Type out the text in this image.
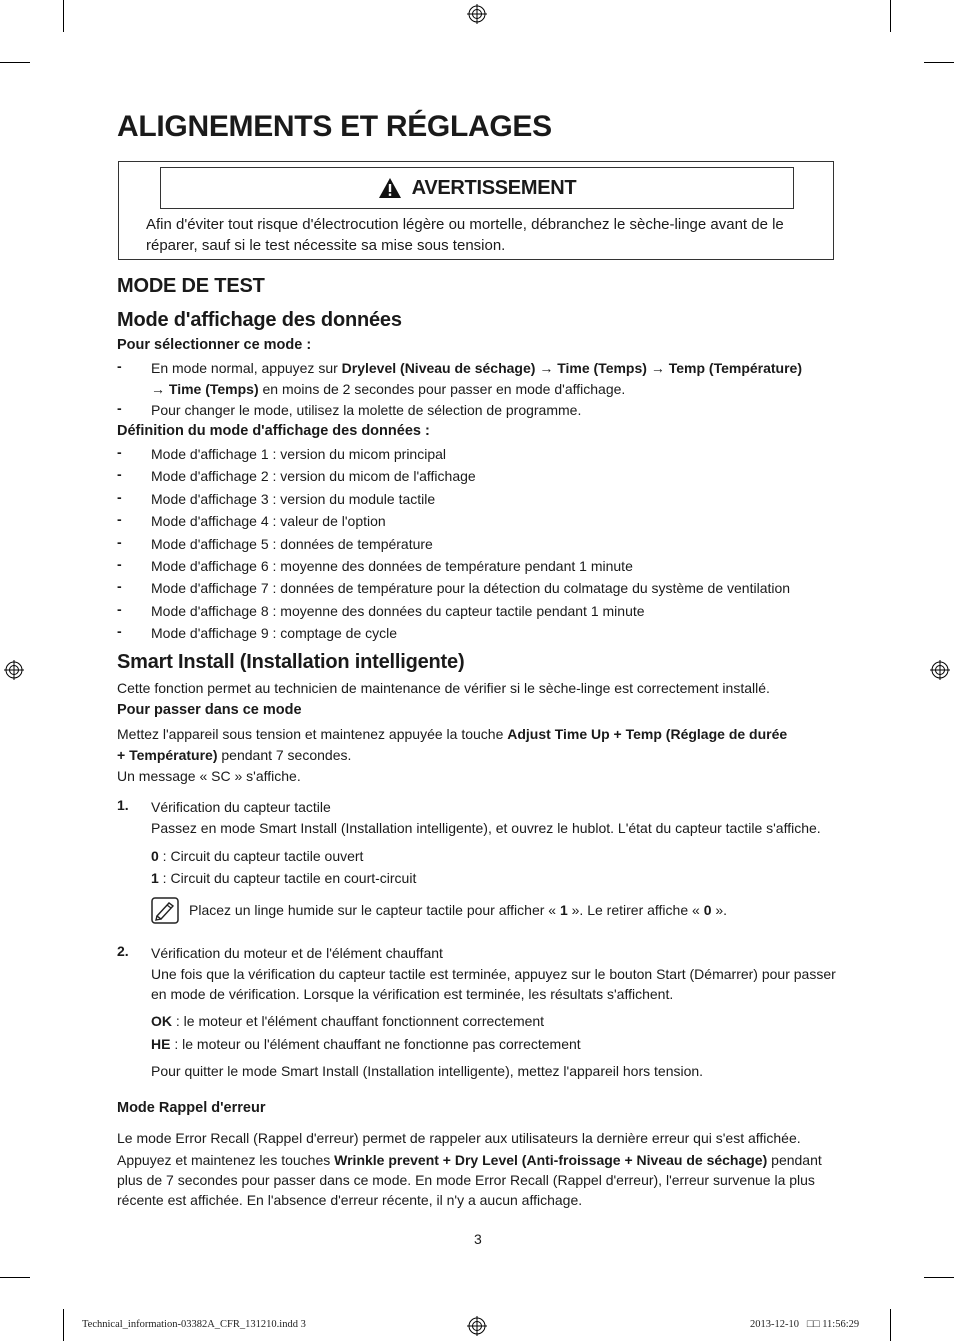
ALIGNEMENTS ET RÉGLAGES
AVERTISSEMENT
Afin d'éviter tout risque d'électrocution légère ou mortelle, débranchez le sèche-linge avant de le réparer, sauf si le test nécessite sa mise sous tension.
MODE DE TEST
Mode d'affichage des données
Pour sélectionner ce mode :
- En mode normal, appuyez sur Drylevel (Niveau de séchage) → Time (Temps) → Temp (Température)
→ Time (Temps) en moins de 2 secondes pour passer en mode d'affichage.
- Pour changer le mode, utilisez la molette de sélection de programme.
Définition du mode d'affichage des données :
- Mode d'affichage 1 : version du micom principal
- Mode d'affichage 2 : version du micom de l'affichage
- Mode d'affichage 3 : version du module tactile
- Mode d'affichage 4 : valeur de l'option
- Mode d'affichage 5 : données de température
- Mode d'affichage 6 : moyenne des données de température pendant 1 minute
- Mode d'affichage 7 : données de température pour la détection du colmatage du système de ventilation
- Mode d'affichage 8 : moyenne des données du capteur tactile pendant 1 minute
- Mode d'affichage 9 : comptage de cycle
Smart Install (Installation intelligente)
Cette fonction permet au technicien de maintenance de vérifier si le sèche-linge est correctement installé.
Pour passer dans ce mode
Mettez l'appareil sous tension et maintenez appuyée la touche Adjust Time Up + Temp (Réglage de durée
+ Température) pendant 7 secondes.
Un message « SC » s'affiche.
1. Vérification du capteur tactile
Passez en mode Smart Install (Installation intelligente), et ouvrez le hublot. L'état du capteur tactile s'affiche.
0 : Circuit du capteur tactile ouvert
1 : Circuit du capteur tactile en court-circuit
Placez un linge humide sur le capteur tactile pour afficher « 1 ». Le retirer affiche « 0 ».
2. Vérification du moteur et de l'élément chauffant
Une fois que la vérification du capteur tactile est terminée, appuyez sur le bouton Start (Démarrer) pour passer en mode de vérification. Lorsque la vérification est terminée, les résultats s'affichent.
OK : le moteur et l'élément chauffant fonctionnent correctement
HE : le moteur ou l'élément chauffant ne fonctionne pas correctement
Pour quitter le mode Smart Install (Installation intelligente), mettez l'appareil hors tension.
Mode Rappel d'erreur
Le mode Error Recall (Rappel d'erreur) permet de rappeler aux utilisateurs la dernière erreur qui s'est affichée.
Appuyez et maintenez les touches Wrinkle prevent + Dry Level (Anti-froissage + Niveau de séchage) pendant plus de 7 secondes pour passer dans ce mode. En mode Error Recall (Rappel d'erreur), l'erreur survenue la plus récente est affichée. En l'absence d'erreur récente, il n'y a aucun affichage.
3
Technical_information-03382A_CFR_131210.indd 3	2013-12-10 □□ 11:56:29
